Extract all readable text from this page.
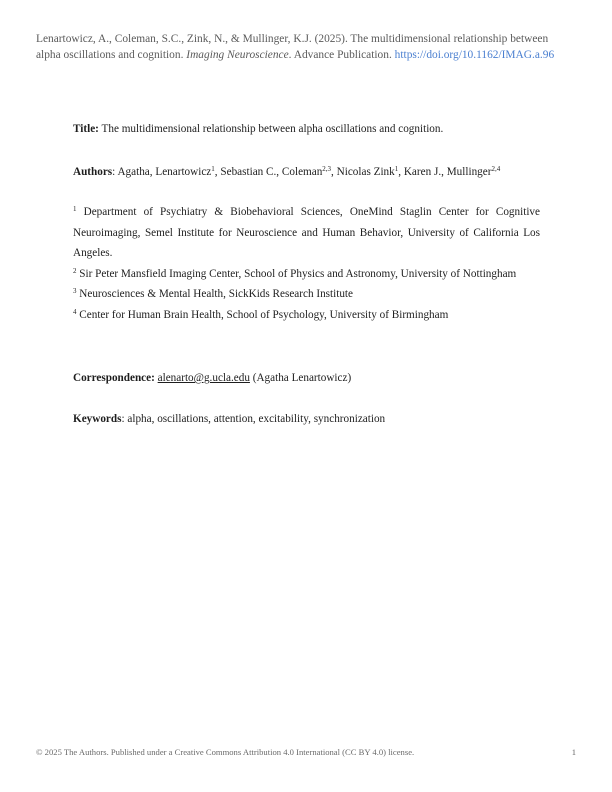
Lenartowicz, A., Coleman, S.C., Zink, N., & Mullinger, K.J. (2025). The multidimensional relationship between alpha oscillations and cognition. Imaging Neuroscience. Advance Publication. https://doi.org/10.1162/IMAG.a.96
Title: The multidimensional relationship between alpha oscillations and cognition.
Authors: Agatha, Lenartowicz$^1$, Sebastian C., Coleman$^{2,3}$, Nicolas Zink$^1$, Karen J., Mullinger$^{2,4}$

$^1$ Department of Psychiatry & Biobehavioral Sciences, OneMind Staglin Center for Cognitive Neuroimaging, Semel Institute for Neuroscience and Human Behavior, University of California Los Angeles.

$^2$ Sir Peter Mansfield Imaging Center, School of Physics and Astronomy, University of Nottingham

$^3$ Neurosciences & Mental Health, SickKids Research Institute

$^4$ Center for Human Brain Health, School of Psychology, University of Birmingham

Correspondence: alenarto@g.ucla.edu (Agatha Lenartowicz)
Keywords: alpha, oscillations, attention, excitability, synchronization
© 2025 The Authors. Published under a Creative Commons Attribution 4.0 International (CC BY 4.0) license.	1
